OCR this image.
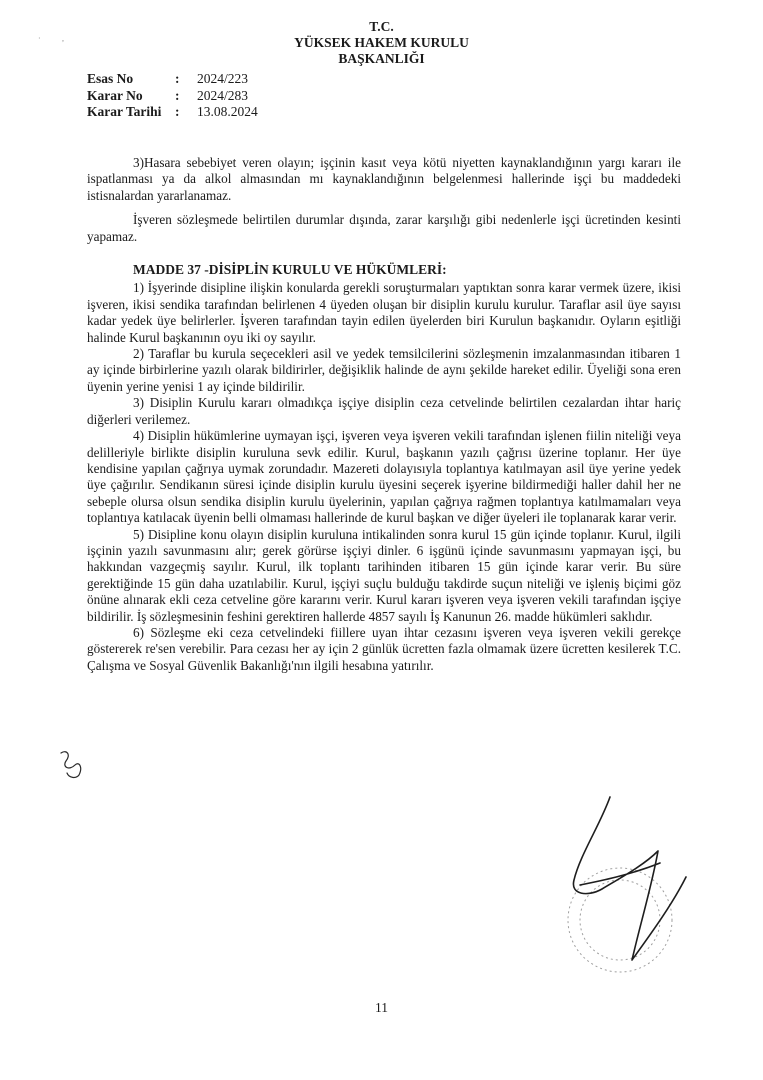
·	,
T.C.
YÜKSEK HAKEM KURULU
BAŞKANLIĞI
Esas No	:	2024/223
Karar No	:	2024/283
Karar Tarihi	:	13.08.2024

3)Hasara sebebiyet veren olayın; işçinin kasıt veya kötü niyetten kaynaklandığının yargı kararı ile ispatlanması ya da alkol almasından mı kaynaklandığının belgelenmesi hallerinde işçi bu maddedeki istisnalardan yararlanamaz.

İşveren sözleşmede belirtilen durumlar dışında, zarar karşılığı gibi nedenlerle işçi ücretinden kesinti yapamaz.

MADDE 37 -DİSİPLİN KURULU VE HÜKÜMLERİ:

1) İşyerinde disipline ilişkin konularda gerekli soruşturmaları yaptıktan sonra karar vermek üzere, ikisi işveren, ikisi sendika tarafından belirlenen 4 üyeden oluşan bir disiplin kurulu kurulur. Taraflar asil üye sayısı kadar yedek üye belirlerler. İşveren tarafından tayin edilen üyelerden biri Kurulun başkanıdır. Oyların eşitliği halinde Kurul başkanının oyu iki oy sayılır.

2) Taraflar bu kurula seçecekleri asil ve yedek temsilcilerini sözleşmenin imzalanmasından itibaren 1 ay içinde birbirlerine yazılı olarak bildirirler, değişiklik halinde de aynı şekilde hareket edilir. Üyeliği sona eren üyenin yerine yenisi 1 ay içinde bildirilir.

3) Disiplin Kurulu kararı olmadıkça işçiye disiplin ceza cetvelinde belirtilen cezalardan ihtar hariç diğerleri verilemez.

4) Disiplin hükümlerine uymayan işçi, işveren veya işveren vekili tarafından işlenen fiilin niteliği veya delilleriyle birlikte disiplin kuruluna sevk edilir. Kurul, başkanın yazılı çağrısı üzerine toplanır. Her üye kendisine yapılan çağrıya uymak zorundadır. Mazereti dolayısıyla toplantıya katılmayan asil üye yerine yedek üye çağırılır. Sendikanın süresi içinde disiplin kurulu üyesini seçerek işyerine bildirmediği haller dahil her ne sebeple olursa olsun sendika disiplin kurulu üyelerinin, yapılan çağrıya rağmen toplantıya katılmamaları veya toplantıya katılacak üyenin belli olmaması hallerinde de kurul başkan ve diğer üyeleri ile toplanarak karar verir.

5) Disipline konu olayın disiplin kuruluna intikalinden sonra kurul 15 gün içinde toplanır. Kurul, ilgili işçinin yazılı savunmasını alır; gerek görürse işçiyi dinler. 6 işgünü içinde savunmasını yapmayan işçi, bu hakkından vazgeçmiş sayılır. Kurul, ilk toplantı tarihinden itibaren 15 gün içinde karar verir. Bu süre gerektiğinde 15 gün daha uzatılabilir. Kurul, işçiyi suçlu bulduğu takdirde suçun niteliği ve işleniş biçimi göz önüne alınarak ekli ceza cetveline göre kararını verir. Kurul kararı işveren veya işveren vekili tarafından işçiye bildirilir. İş sözleşmesinin feshini gerektiren hallerde 4857 sayılı İş Kanunun 26. madde hükümleri saklıdır.

6) Sözleşme eki ceza cetvelindeki fiillere uyan ihtar cezasını işveren veya işveren vekili gerekçe göstererek re'sen verebilir. Para cezası her ay için 2 günlük ücretten fazla olmamak üzere ücretten kesilerek T.C. Çalışma ve Sosyal Güvenlik Bakanlığı'nın ilgili hesabına yatırılır.

11
